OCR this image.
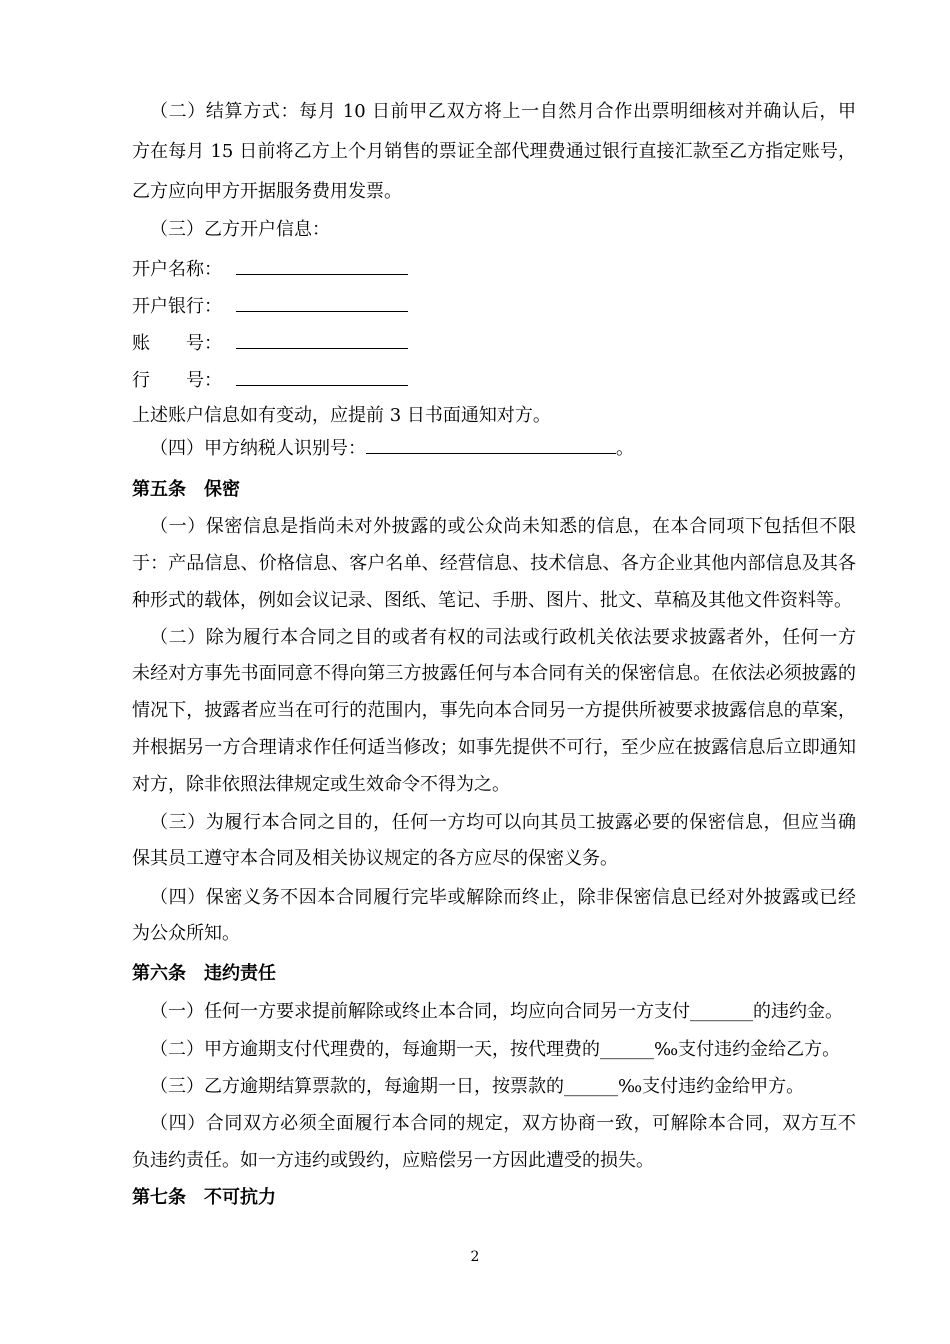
（二）结算方式：每月 10 日前甲乙双方将上一自然月合作出票明细核对并确认后，甲

方在每月 15 日前将乙方上个月销售的票证全部代理费通过银行直接汇款至乙方指定账号，

乙方应向甲方开据服务费用发票。

（三）乙方开户信息：

开户名称：

开户银行：

账　　号：

行　　号：

上述账户信息如有变动，应提前 3 日书面通知对方。

（四）甲方纳税人识别号：	。

第五条　保密

（一）保密信息是指尚未对外披露的或公众尚未知悉的信息，在本合同项下包括但不限

于：产品信息、价格信息、客户名单、经营信息、技术信息、各方企业其他内部信息及其各

种形式的载体，例如会议记录、图纸、笔记、手册、图片、批文、草稿及其他文件资料等。

（二）除为履行本合同之目的或者有权的司法或行政机关依法要求披露者外，任何一方

未经对方事先书面同意不得向第三方披露任何与本合同有关的保密信息。在依法必须披露的

情况下，披露者应当在可行的范围内，事先向本合同另一方提供所被要求披露信息的草案，

并根据另一方合理请求作任何适当修改；如事先提供不可行，至少应在披露信息后立即通知

对方，除非依照法律规定或生效命令不得为之。

（三）为履行本合同之目的，任何一方均可以向其员工披露必要的保密信息，但应当确

保其员工遵守本合同及相关协议规定的各方应尽的保密义务。

（四）保密义务不因本合同履行完毕或解除而终止，除非保密信息已经对外披露或已经

为公众所知。

第六条　违约责任

（一）任何一方要求提前解除或终止本合同，均应向合同另一方支付_______的违约金。

（二）甲方逾期支付代理费的，每逾期一天，按代理费的______‰支付违约金给乙方。

（三）乙方逾期结算票款的，每逾期一日，按票款的______‰支付违约金给甲方。

（四）合同双方必须全面履行本合同的规定，双方协商一致，可解除本合同，双方互不

负违约责任。如一方违约或毁约，应赔偿另一方因此遭受的损失。

第七条　不可抗力

2
